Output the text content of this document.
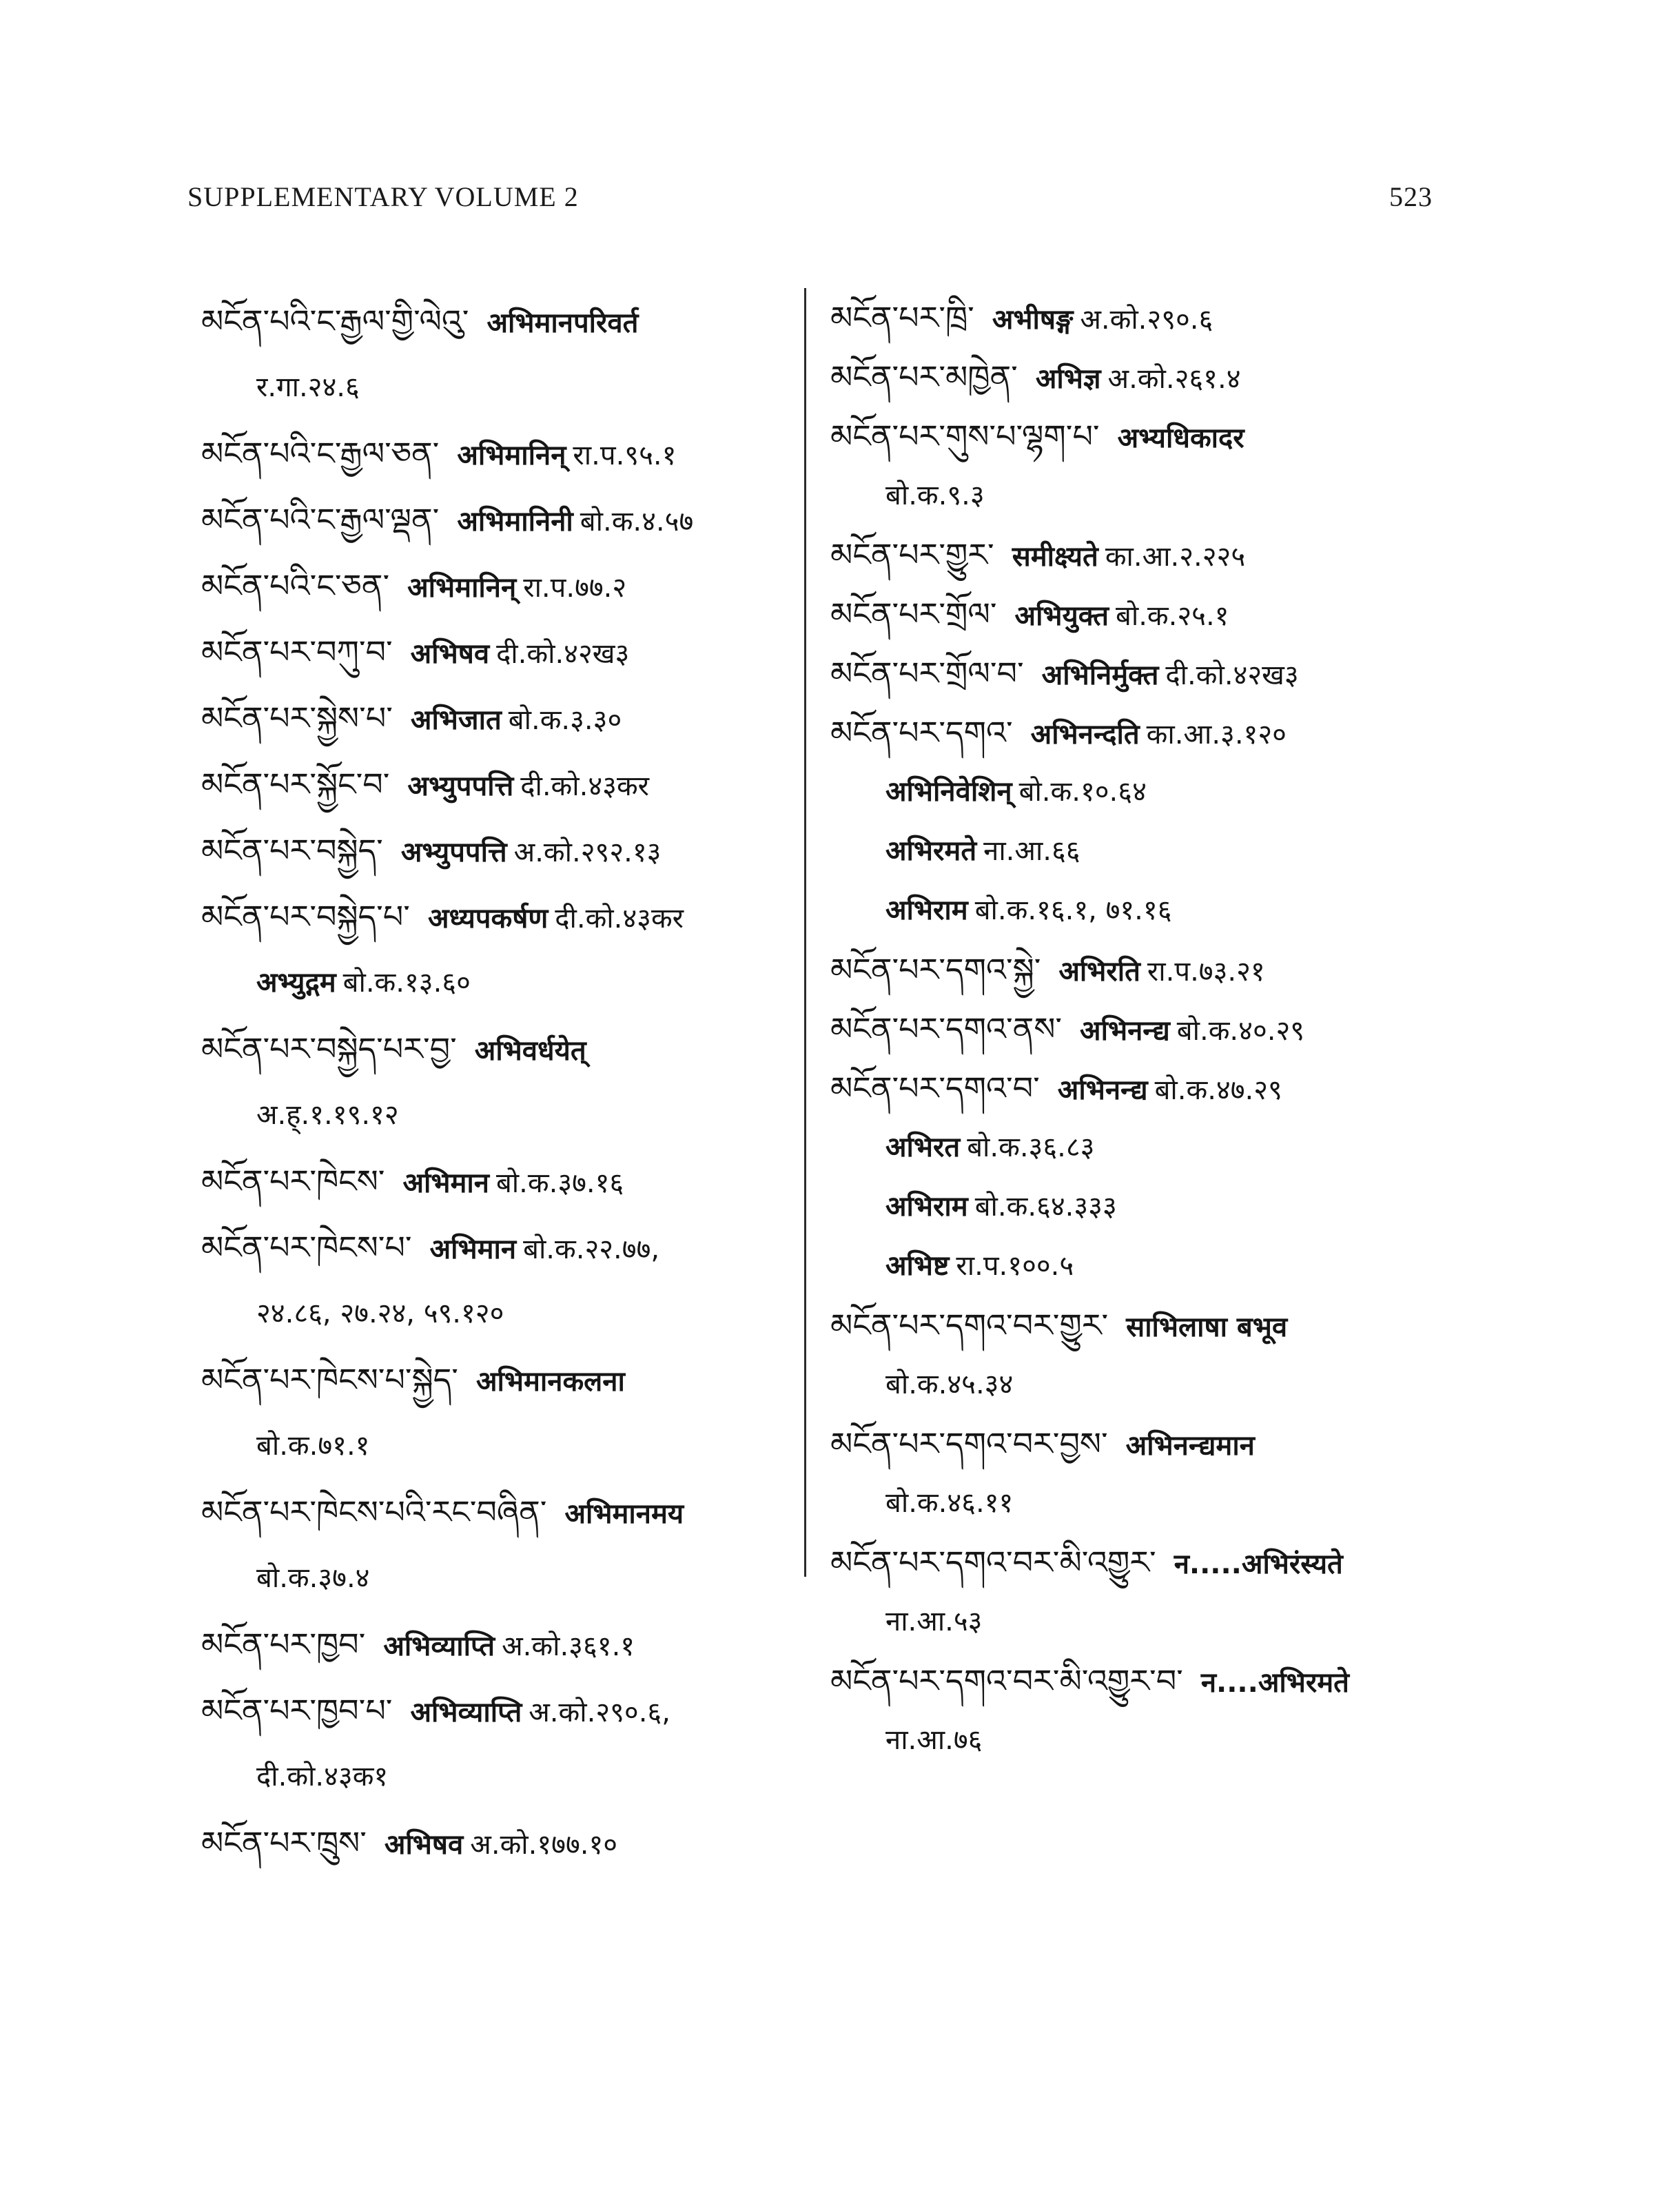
SUPPLEMENTARY VOLUME 2	523
མངོན་པའི་ང་རྒྱལ་གྱི་ལེའུ་ अभिमानपरिवर्त
र.गा.२४.६
མངོན་པའི་ང་རྒྱལ་ཅན་ अभिमानिन् रा.प.९५.१
མངོན་པའི་ང་རྒྱལ་ལྡན་ अभिमानिनी बो.क.४.५७
མངོན་པའི་ང་ཅན་ अभिमानिन् रा.प.७७.२
མངོན་པར་བཀུ་བ་ अभिषव दी.को.४२ख३
མངོན་པར་སྐྱེས་པ་ अभिजात बो.क.३.३०
མངོན་པར་སྐྱོང་བ་ अभ्युपपत्ति दी.को.४३कर
མངོན་པར་བསྐྱེད་ अभ्युपपत्ति अ.को.२९२.१३
མངོན་པར་བསྐྱེད་པ་ अध्यपकर्षण दी.को.४३कर
अभ्युद्गम बो.क.१३.६०
མངོན་པར་བསྐྱེད་པར་བྱ་ अभिवर्धयेत्
अ.ह्.१.१९.१२
མངོན་པར་ཁེངས་ अभिमान बो.क.३७.१६
མངོན་པར་ཁེངས་པ་ अभिमान बो.क.२२.७७,
२४.८६, २७.२४, ५९.१२०
མངོན་པར་ཁེངས་པ་སྐྱེད་ अभिमानकलना
बो.क.७१.१
མངོན་པར་ཁེངས་པའི་རང་བཞིན་ अभिमानमय
बो.क.३७.४
མངོན་པར་ཁྱབ་ अभिव्याप्ति अ.को.३६१.१
མངོན་པར་ཁྱབ་པ་ अभिव्याप्ति अ.को.२९०.६,
दी.को.४३क१
མངོན་པར་ཁྲུས་ अभिषव अ.को.१७७.१०
མངོན་པར་ཁྲི་ अभीषङ्ग अ.को.२९०.६
མངོན་པར་མཁྱེན་ अभिज्ञ अ.को.२६१.४
མངོན་པར་གུས་པ་ལྷག་པ་ अभ्यधिकादर
बो.क.९.३
མངོན་པར་གྱུར་ समीक्ष्यते का.आ.२.२२५
མངོན་པར་གྲོལ་ अभियुक्त बो.क.२५.१
མངོན་པར་གྲོལ་བ་ अभिनिर्मुक्त दी.को.४२ख३
མངོན་པར་དགའ་ अभिनन्दति का.आ.३.१२०
अभिनिवेशिन् बो.क.१०.६४
अभिरमते ना.आ.६६
अभिराम बो.क.१६.१, ७१.१६
མངོན་པར་དགའ་སྐྱེ་ अभिरति रा.प.७३.२१
མངོན་པར་དགའ་ནས་ अभिनन्द्य बो.क.४०.२९
མངོན་པར་དགའ་བ་ अभिनन्द्य बो.क.४७.२९
अभिरत बो.क.३६.८३
अभिराम बो.क.६४.३३३
अभिष्ट रा.प.१००.५
མངོན་པར་དགའ་བར་གྱུར་ साभिलाषा बभूव
बो.क.४५.३४
མངོན་པར་དགའ་བར་བྱས་ अभिनन्द्यमान
बो.क.४६.११
མངོན་པར་དགའ་བར་མི་འགྱུར་ न.....अभिरंस्यते
ना.आ.५३
མངོན་པར་དགའ་བར་མི་འགྱུར་བ་ न....अभिरमते
ना.आ.७६
